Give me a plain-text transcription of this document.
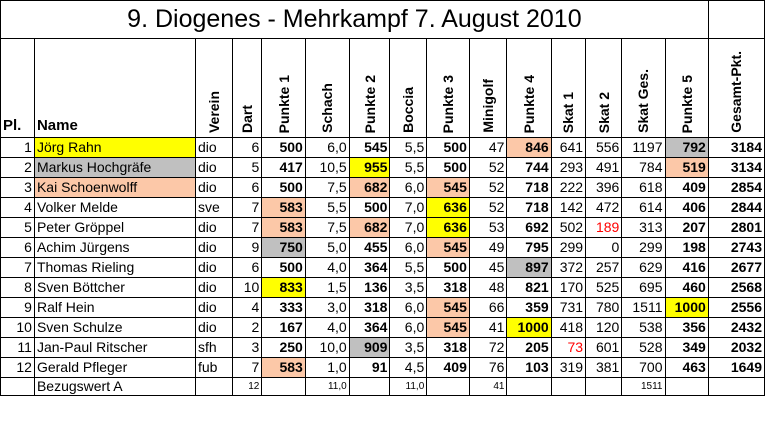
9. Diogenes - Mehrkampf 7. August 2010															

Pl.	Name	Verein	Dart	Punkte 1	Schach	Punkte 2	Boccia	Punkte 3	Minigolf	Punkte 4	Skat 1	Skat 2	Skat Ges.	Punkte 5	Gesamt-Pkt.

1	Jörg Rahn	dio	6	500	6,0	545	5,5	500	47	846	641	556	1197	792	3184
2	Markus Hochgräfe	dio	5	417	10,5	955	5,5	500	52	744	293	491	784	519	3134
3	Kai Schoenwolff	dio	6	500	7,5	682	6,0	545	52	718	222	396	618	409	2854
4	Volker Melde	sve	7	583	5,5	500	7,0	636	52	718	142	472	614	406	2844
5	Peter Gröppel	dio	7	583	7,5	682	7,0	636	53	692	502	189	313	207	2801
6	Achim Jürgens	dio	9	750	5,0	455	6,0	545	49	795	299	0	299	198	2743
7	Thomas Rieling	dio	6	500	4,0	364	5,5	500	45	897	372	257	629	416	2677
8	Sven Böttcher	dio	10	833	1,5	136	3,5	318	48	821	170	525	695	460	2568
9	Ralf Hein	dio	4	333	3,0	318	6,0	545	66	359	731	780	1511	1000	2556
10	Sven Schulze	dio	2	167	4,0	364	6,0	545	41	1000	418	120	538	356	2432
11	Jan-Paul Ritscher	sfh	3	250	10,0	909	3,5	318	72	205	73	601	528	349	2032
12	Gerald Pfleger	fub	7	583	1,0	91	4,5	409	76	103	319	381	700	463	1649
	Bezugswert A		12		11,0		11,0		41				1511		
